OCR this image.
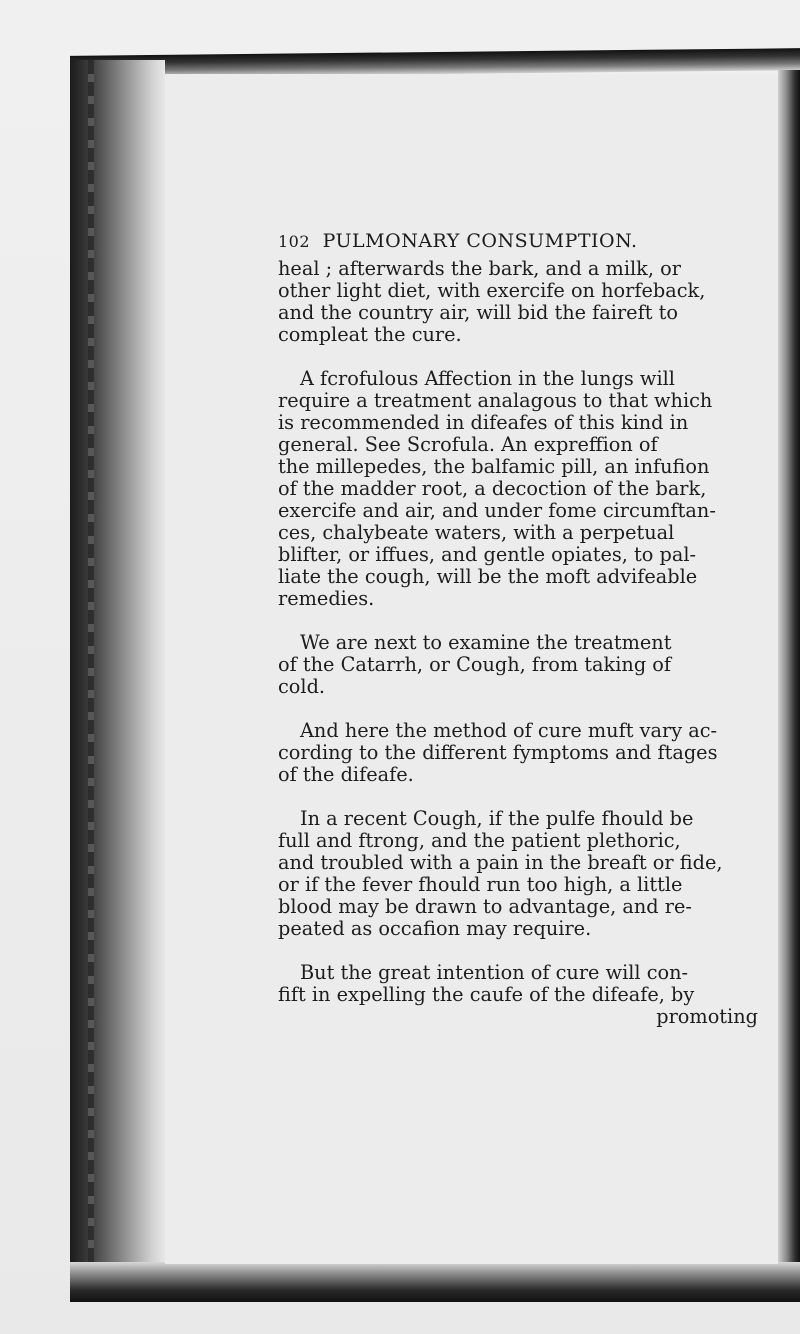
102 PULMONARY CONSUMPTION.
heal ; afterwards the bark, and a milk, or
other light diet, with exercife on horfeback,
and the country air, will bid the faireft to
compleat the cure.
A fcrofulous Affection in the lungs will
require a treatment analagous to that which
is recommended in difeafes of this kind in
general. See Scrofula. An expreffion of
the millepedes, the balfamic pill, an infufion
of the madder root, a decoction of the bark,
exercife and air, and under fome circumftan-
ces, chalybeate waters, with a perpetual
blifter, or iffues, and gentle opiates, to pal-
liate the cough, will be the moft advifeable
remedies.
We are next to examine the treatment
of the Catarrh, or Cough, from taking of
cold.
And here the method of cure muft vary ac-
cording to the different fymptoms and ftages
of the difeafe.
In a recent Cough, if the pulfe fhould be
full and ftrong, and the patient plethoric,
and troubled with a pain in the breaft or fide,
or if the fever fhould run too high, a little
blood may be drawn to advantage, and re-
peated as occafion may require.
But the great intention of cure will con-
fift in expelling the caufe of the difeafe, by
promoting
